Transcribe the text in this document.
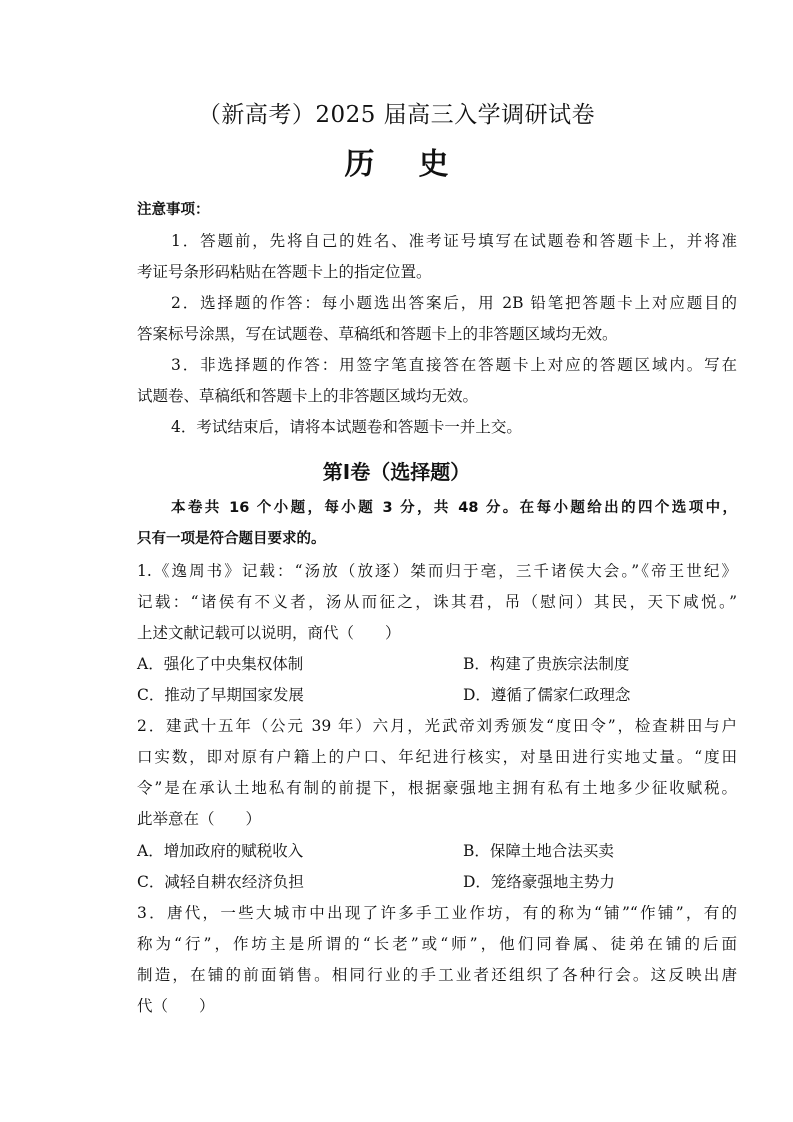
（新高考）2025 届高三入学调研试卷
历 史
注意事项：
1．答题前，先将自己的姓名、准考证号填写在试题卷和答题卡上，并将准
考证号条形码粘贴在答题卡上的指定位置。
2．选择题的作答：每小题选出答案后，用 2B 铅笔把答题卡上对应题目的
答案标号涂黑，写在试题卷、草稿纸和答题卡上的非答题区域均无效。
3．非选择题的作答：用签字笔直接答在答题卡上对应的答题区域内。写在
试题卷、草稿纸和答题卡上的非答题区域均无效。
4．考试结束后，请将本试题卷和答题卡一并上交。
第Ⅰ卷（选择题）
本卷共 16 个小题，每小题 3 分，共 48 分。在每小题给出的四个选项中，
只有一项是符合题目要求的。
1.《逸周书》记载：“汤放（放逐）桀而归于亳，三千诸侯大会。”《帝王世纪》
记载：“诸侯有不义者，汤从而征之，诛其君，吊（慰问）其民，天下咸悦。”
上述文献记载可以说明，商代（　　）
A．强化了中央集权体制	B．构建了贵族宗法制度
C．推动了早期国家发展	D．遵循了儒家仁政理念
2．建武十五年（公元 39 年）六月，光武帝刘秀颁发“度田令”，检查耕田与户
口实数，即对原有户籍上的户口、年纪进行核实，对垦田进行实地丈量。“度田
令”是在承认土地私有制的前提下，根据豪强地主拥有私有土地多少征收赋税。
此举意在（　　）
A．增加政府的赋税收入	B．保障土地合法买卖
C．减轻自耕农经济负担	D．笼络豪强地主势力
3．唐代，一些大城市中出现了许多手工业作坊，有的称为“铺”“作铺”，有的
称为“行”，作坊主是所谓的“长老”或“师”，他们同眷属、徒弟在铺的后面
制造，在铺的前面销售。相同行业的手工业者还组织了各种行会。这反映出唐
代（　　）
